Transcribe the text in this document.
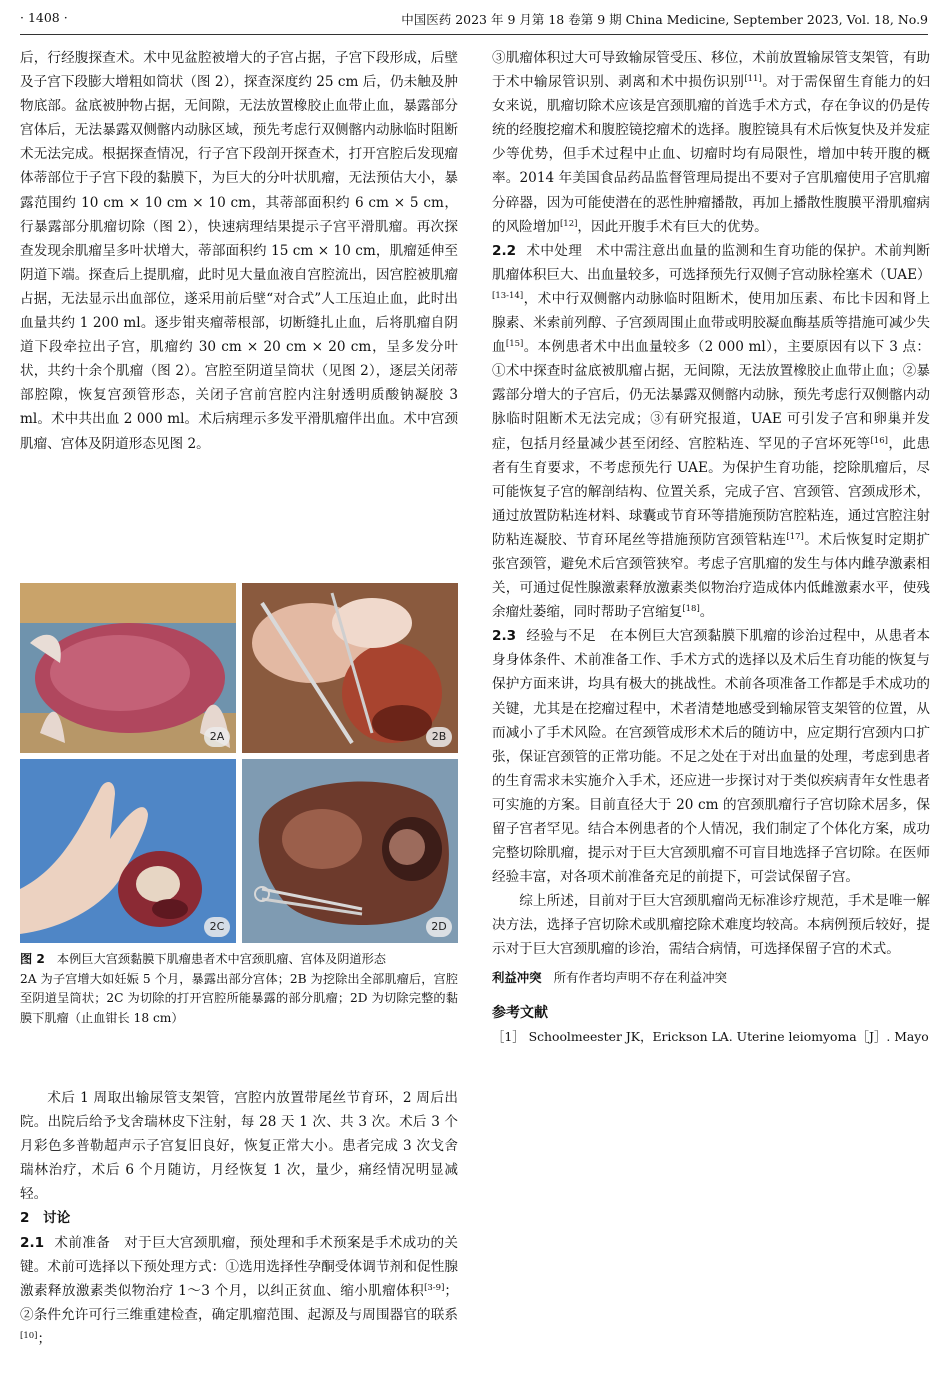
· 1408 ·	中国医药 2023 年 9 月第 18 卷第 9 期 China Medicine, September 2023, Vol. 18, No.9

后，行经腹探查术。术中见盆腔被增大的子宫占据，子宫下段形成，后壁及子宫下段膨大增粗如筒状（图 2），探查深度约 25 cm 后，仍未触及肿物底部。盆底被肿物占据，无间隙，无法放置橡胶止血带止血，暴露部分宫体后，无法暴露双侧髂内动脉区域，预先考虑行双侧髂内动脉临时阻断术无法完成。根据探查情况，行子宫下段剖开探查术，打开宫腔后发现瘤体蒂部位于子宫下段的黏膜下，为巨大的分叶状肌瘤，无法预估大小，暴露范围约 10 cm × 10 cm × 10 cm，其蒂部面积约 6 cm × 5 cm，行暴露部分肌瘤切除（图 2），快速病理结果提示子宫平滑肌瘤。再次探查发现余肌瘤呈多叶状增大，蒂部面积约 15 cm × 10 cm，肌瘤延伸至阴道下端。探查后上提肌瘤，此时见大量血液自宫腔流出，因宫腔被肌瘤占据，无法显示出血部位，遂采用前后壁“对合式”人工压迫止血，此时出血量共约 1 200 ml。逐步钳夹瘤蒂根部，切断缝扎止血，后将肌瘤自阴道下段牵拉出子宫，肌瘤约 30 cm × 20 cm × 20 cm，呈多发分叶状，共约十余个肌瘤（图 2）。宫腔至阴道呈筒状（见图 2），逐层关闭蒂部腔隙，恢复宫颈管形态，关闭子宫前宫腔内注射透明质酸钠凝胶 3 ml。术中共出血 2 000 ml。术后病理示多发平滑肌瘤伴出血。术中宫颈肌瘤、宫体及阴道形态见图 2。

2A	2B
2C	2D
图 2 本例巨大宫颈黏膜下肌瘤患者术中宫颈肌瘤、宫体及阴道形态
2A 为子宫增大如妊娠 5 个月，暴露出部分宫体；2B 为挖除出全部肌瘤后，宫腔至阴道呈筒状；2C 为切除的打开宫腔所能暴露的部分肌瘤；2D 为切除完整的黏膜下肌瘤（止血钳长 18 cm）

术后 1 周取出输尿管支架管，宫腔内放置带尾丝节育环，2 周后出院。出院后给予戈舍瑞林皮下注射，每 28 天 1 次、共 3 次。术后 3 个月彩色多普勒超声示子宫复旧良好，恢复正常大小。患者完成 3 次戈舍瑞林治疗，术后 6 个月随访，月经恢复 1 次，量少，痛经情况明显减轻。

2　讨论

2.1 术前准备 对于巨大宫颈肌瘤，预处理和手术预案是手术成功的关键。术前可选择以下预处理方式：①选用选择性孕酮受体调节剂和促性腺激素释放激素类似物治疗 1～3 个月，以纠正贫血、缩小肌瘤体积[3-9]；②条件允许可行三维重建检查，确定肌瘤范围、起源及与周围器官的联系[10]；

③肌瘤体积过大可导致输尿管受压、移位，术前放置输尿管支架管，有助于术中输尿管识别、剥离和术中损伤识别[11]。对于需保留生育能力的妇女来说，肌瘤切除术应该是宫颈肌瘤的首选手术方式，存在争议的仍是传统的经腹挖瘤术和腹腔镜挖瘤术的选择。腹腔镜具有术后恢复快及并发症少等优势，但手术过程中止血、切瘤时均有局限性，增加中转开腹的概率。2014 年美国食品药品监督管理局提出不要对子宫肌瘤使用子宫肌瘤分碎器，因为可能使潜在的恶性肿瘤播散，再加上播散性腹膜平滑肌瘤病的风险增加[12]，因此开腹手术有巨大的优势。

2.2 术中处理 术中需注意出血量的监测和生育功能的保护。术前判断肌瘤体积巨大、出血量较多，可选择预先行双侧子宫动脉栓塞术（UAE）[13-14]，术中行双侧髂内动脉临时阻断术，使用加压素、布比卡因和肾上腺素、米索前列醇、子宫颈周围止血带或明胶凝血酶基质等措施可减少失血[15]。本例患者术中出血量较多（2 000 ml），主要原因有以下 3 点：①术中探查时盆底被肌瘤占据，无间隙，无法放置橡胶止血带止血；②暴露部分增大的子宫后，仍无法暴露双侧髂内动脉，预先考虑行双侧髂内动脉临时阻断术无法完成；③有研究报道，UAE 可引发子宫和卵巢并发症，包括月经量减少甚至闭经、宫腔粘连、罕见的子宫坏死等[16]，此患者有生育要求，不考虑预先行 UAE。为保护生育功能，挖除肌瘤后，尽可能恢复子宫的解剖结构、位置关系，完成子宫、宫颈管、宫颈成形术，通过放置防粘连材料、球囊或节育环等措施预防宫腔粘连，通过宫腔注射防粘连凝胶、节育环尾丝等措施预防宫颈管粘连[17]。术后恢复时定期扩张宫颈管，避免术后宫颈管狭窄。考虑子宫肌瘤的发生与体内雌孕激素相关，可通过促性腺激素释放激素类似物治疗造成体内低雌激素水平，使残余瘤灶萎缩，同时帮助子宫缩复[18]。

2.3 经验与不足 在本例巨大宫颈黏膜下肌瘤的诊治过程中，从患者本身身体条件、术前准备工作、手术方式的选择以及术后生育功能的恢复与保护方面来讲，均具有极大的挑战性。术前各项准备工作都是手术成功的关键，尤其是在挖瘤过程中，术者清楚地感受到输尿管支架管的位置，从而减小了手术风险。在宫颈管成形术术后的随访中，应定期行宫颈内口扩张，保证宫颈管的正常功能。不足之处在于对出血量的处理，考虑到患者的生育需求未实施介入手术，还应进一步探讨对于类似疾病青年女性患者可实施的方案。目前直径大于 20 cm 的宫颈肌瘤行子宫切除术居多，保留子宫者罕见。结合本例患者的个人情况，我们制定了个体化方案，成功完整切除肌瘤，提示对于巨大宫颈肌瘤不可盲目地选择子宫切除。在医师经验丰富，对各项术前准备充足的前提下，可尝试保留子宫。

综上所述，目前对于巨大宫颈肌瘤尚无标准诊疗规范，手术是唯一解决方法，选择子宫切除术或肌瘤挖除术难度均较高。本病例预后较好，提示对于巨大宫颈肌瘤的诊治，需结合病情，可选择保留子宫的术式。

利益冲突 所有作者均声明不存在利益冲突
参考文献
［1］ Schoolmeester JK，Erickson LA. Uterine leiomyoma［J］. Mayo
